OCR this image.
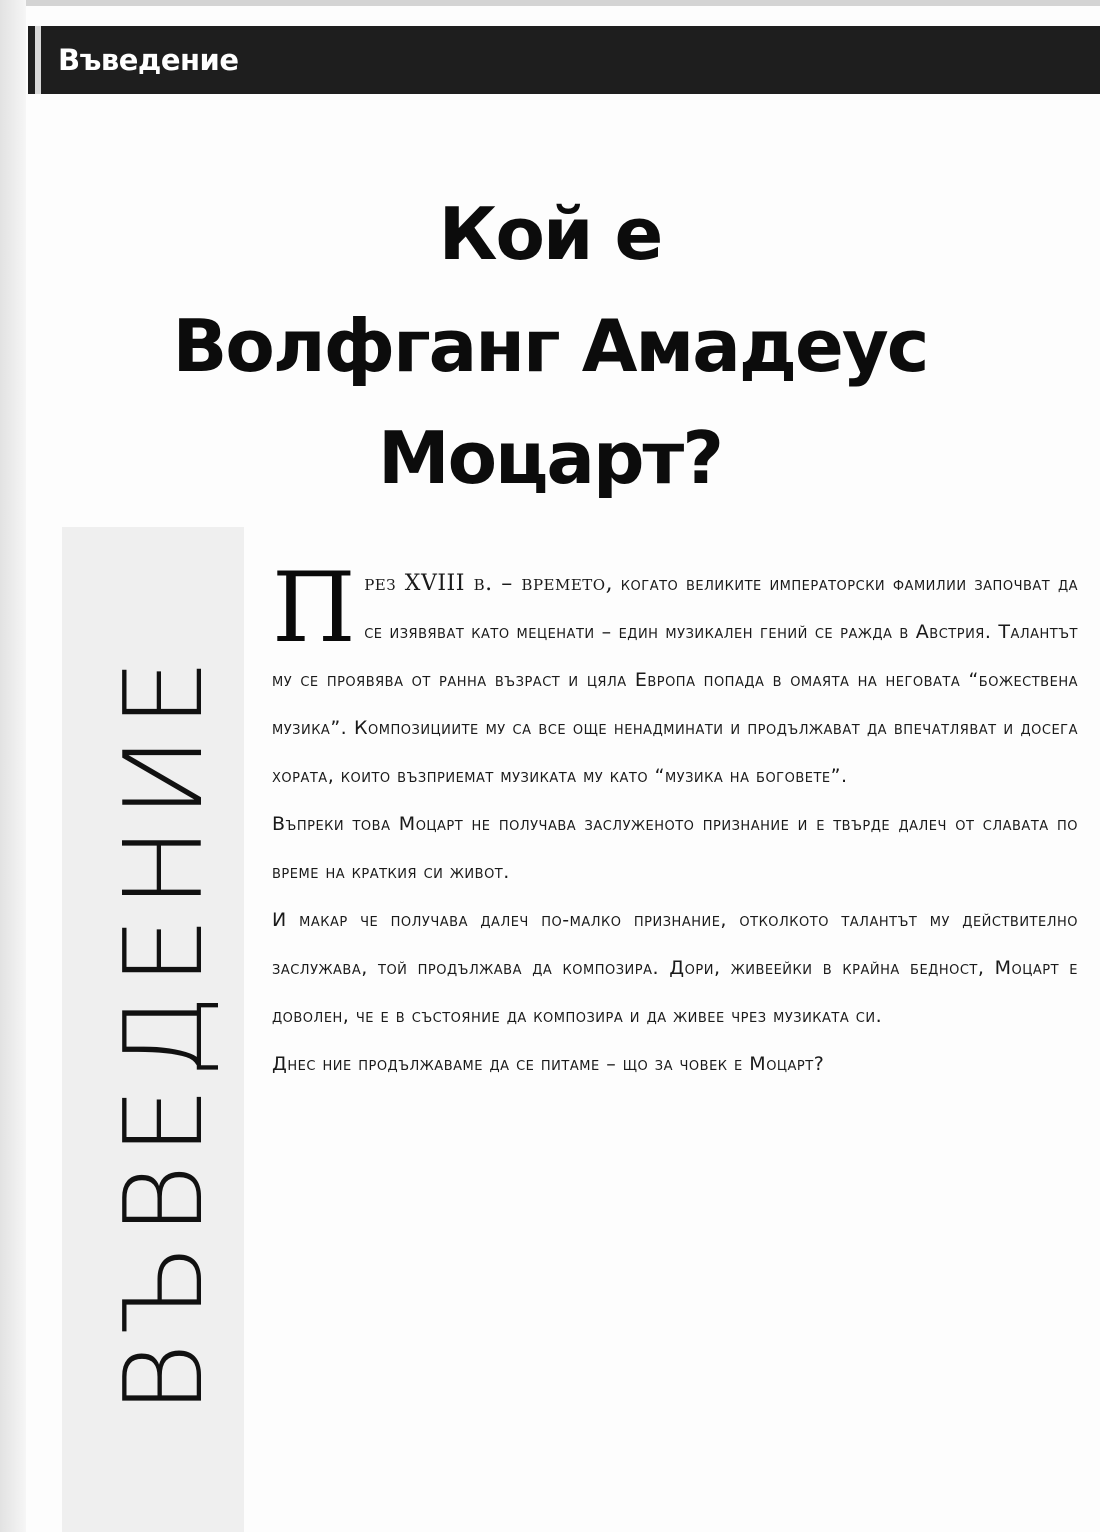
Въведение
Кой е
Волфганг Амадеус
Моцарт?
ВЪВЕДЕНИЕ

През XVIII в. – времето, когато великите императорски фамилии започват да се изявяват като меценати – един музикален гений се ражда в Австрия. Талантът му се проявява от ранна възраст и цяла Европа попада в омаята на неговата “божествена музика”. Композициите му са все още ненадминати и продължават да впечатляват и досега хората, които възприемат музиката му като “музика на боговете”.

Въпреки това Моцарт не получава заслуженото признание и е твърде далеч от славата по време на краткия си живот.

И макар че получава далеч по-малко признание, отколкото талантът му действително заслужава, той продължава да композира. Дори, живеейки в крайна бедност, Моцарт е доволен, че е в състояние да композира и да живее чрез музиката си.

Днес ние продължаваме да се питаме – що за човек е Моцарт?
